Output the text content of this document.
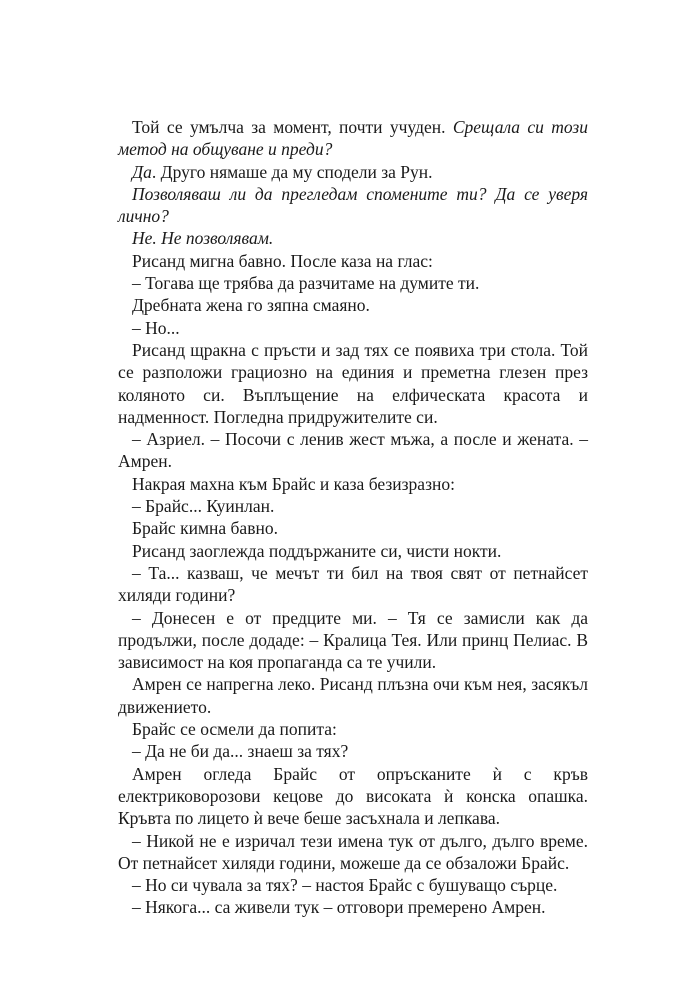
Той се умълча за момент, почти учуден. Срещала си този метод на общуване и преди?

Да. Друго нямаше да му сподели за Рун.

Позволяваш ли да прегледам спомените ти? Да се уверя лично?

Не. Не позволявам.

Рисанд мигна бавно. После каза на глас:

– Тогава ще трябва да разчитаме на думите ти.

Дребната жена го зяпна смаяно.

– Но...

Рисанд щракна с пръсти и зад тях се появиха три стола. Той се разположи грациозно на единия и преметна глезен през коляното си. Въплъщение на елфическата красота и надменност. Погледна придружителите си.

– Азриел. – Посочи с ленив жест мъжа, а после и жената. – Амрен.

Накрая махна към Брайс и каза безизразно:

– Брайс... Куинлан.

Брайс кимна бавно.

Рисанд заоглежда поддържаните си, чисти нокти.

– Та... казваш, че мечът ти бил на твоя свят от петнайсет хиляди години?

– Донесен е от предците ми. – Тя се замисли как да продължи, после додаде: – Кралица Тея. Или принц Пелиас. В зависимост на коя пропаганда са те учили.

Амрен се напрегна леко. Рисанд плъзна очи към нея, засякъл движението.

Брайс се осмели да попита:

– Да не би да... знаеш за тях?

Амрен огледа Брайс от опръсканите ѝ с кръв електриковорозови кецове до високата ѝ конска опашка. Кръвта по лицето ѝ вече беше засъхнала и лепкава.

– Никой не е изричал тези имена тук от дълго, дълго време. От петнайсет хиляди години, можеше да се обзаложи Брайс.

– Но си чувала за тях? – настоя Брайс с бушуващо сърце.

– Някога... са живели тук – отговори премерено Амрен.
